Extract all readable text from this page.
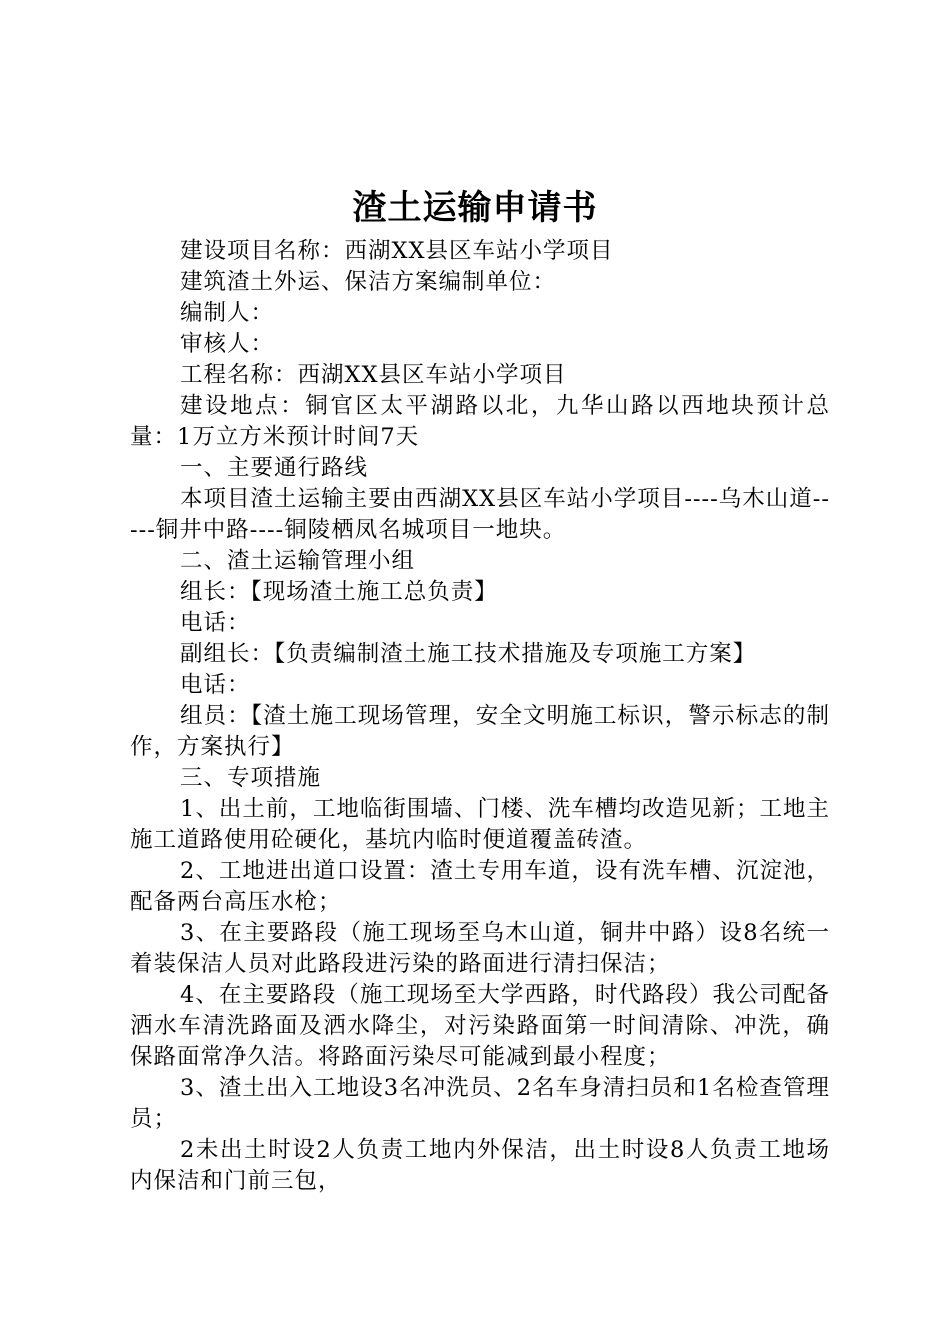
渣土运输申请书

建设项目名称：西湖XX县区车站小学项目

建筑渣土外运、保洁方案编制单位：

编制人：

审核人：

工程名称：西湖XX县区车站小学项目

建设地点：铜官区太平湖路以北，九华山路以西地块预计总量：1万立方米预计时间7天

一、主要通行路线

本项目渣土运输主要由西湖XX县区车站小学项目----乌木山道-----铜井中路----铜陵栖凤名城项目一地块。

二、渣土运输管理小组

组长：【现场渣土施工总负责】

电话：

副组长：【负责编制渣土施工技术措施及专项施工方案】

电话：

组员：【渣土施工现场管理，安全文明施工标识，警示标志的制作，方案执行】

三、专项措施

1、出土前，工地临街围墙、门楼、洗车槽均改造见新；工地主施工道路使用砼硬化，基坑内临时便道覆盖砖渣。

2、工地进出道口设置：渣土专用车道，设有洗车槽、沉淀池，配备两台高压水枪；

3、在主要路段（施工现场至乌木山道，铜井中路）设8名统一着装保洁人员对此路段进污染的路面进行清扫保洁；

4、在主要路段（施工现场至大学西路，时代路段）我公司配备洒水车清洗路面及洒水降尘，对污染路面第一时间清除、冲洗，确保路面常净久洁。将路面污染尽可能减到最小程度；

3、渣土出入工地设3名冲洗员、2名车身清扫员和1名检查管理员；

2未出土时设2人负责工地内外保洁，出土时设8人负责工地场内保洁和门前三包，
